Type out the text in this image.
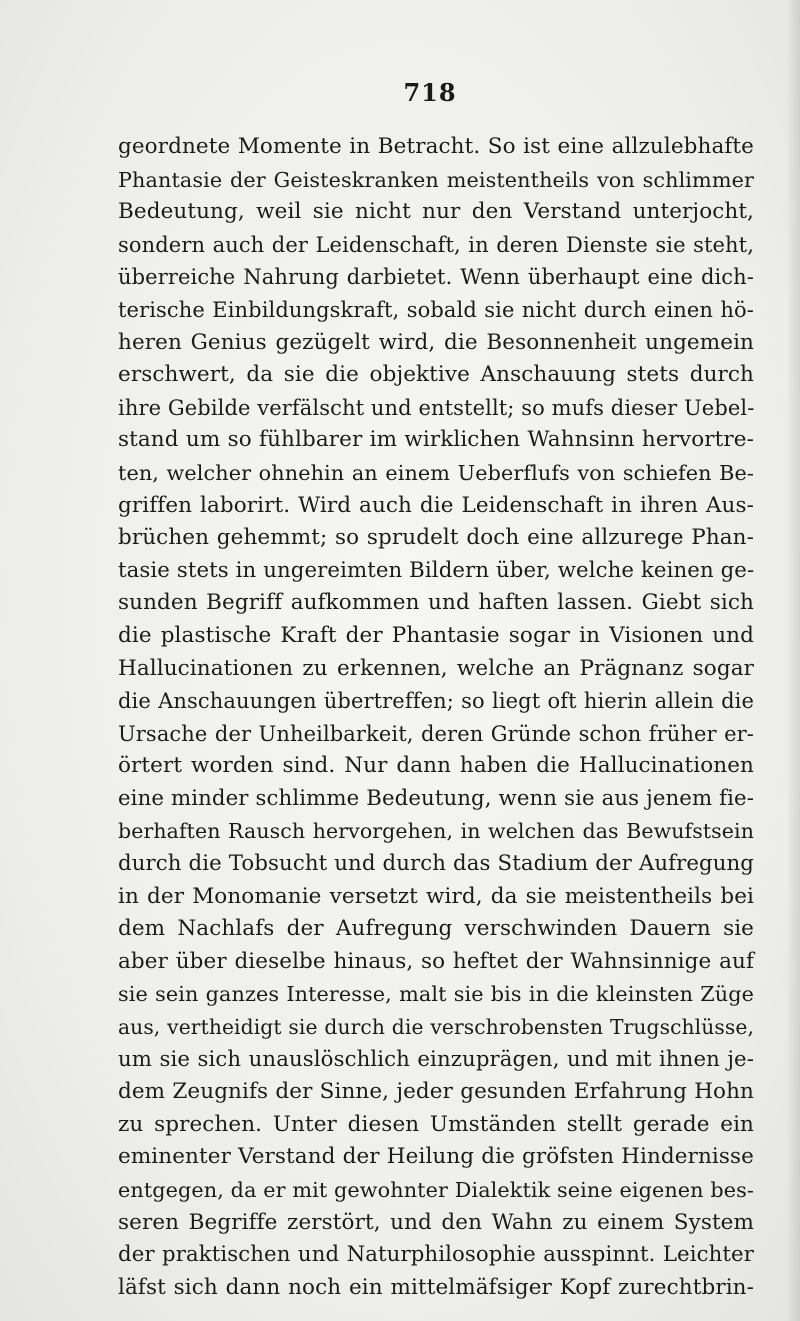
718
geordnete Momente in Betracht. So ist eine allzulebhafte
Phantasie der Geisteskranken meistentheils von schlimmer
Bedeutung, weil sie nicht nur den Verstand unterjocht,
sondern auch der Leidenschaft, in deren Dienste sie steht,
überreiche Nahrung darbietet. Wenn überhaupt eine dich-
terische Einbildungskraft, sobald sie nicht durch einen hö-
heren Genius gezügelt wird, die Besonnenheit ungemein
erschwert, da sie die objektive Anschauung stets durch
ihre Gebilde verfälscht und entstellt; so mufs dieser Uebel-
stand um so fühlbarer im wirklichen Wahnsinn hervortre-
ten, welcher ohnehin an einem Ueberflufs von schiefen Be-
griffen laborirt. Wird auch die Leidenschaft in ihren Aus-
brüchen gehemmt; so sprudelt doch eine allzurege Phan-
tasie stets in ungereimten Bildern über, welche keinen ge-
sunden Begriff aufkommen und haften lassen. Giebt sich
die plastische Kraft der Phantasie sogar in Visionen und
Hallucinationen zu erkennen, welche an Prägnanz sogar
die Anschauungen übertreffen; so liegt oft hierin allein die
Ursache der Unheilbarkeit, deren Gründe schon früher er-
örtert worden sind. Nur dann haben die Hallucinationen
eine minder schlimme Bedeutung, wenn sie aus jenem fie-
berhaften Rausch hervorgehen, in welchen das Bewufstsein
durch die Tobsucht und durch das Stadium der Aufregung
in der Monomanie versetzt wird, da sie meistentheils bei
dem Nachlafs der Aufregung verschwinden Dauern sie
aber über dieselbe hinaus, so heftet der Wahnsinnige auf
sie sein ganzes Interesse, malt sie bis in die kleinsten Züge
aus, vertheidigt sie durch die verschrobensten Trugschlüsse,
um sie sich unauslöschlich einzuprägen, und mit ihnen je-
dem Zeugnifs der Sinne, jeder gesunden Erfahrung Hohn
zu sprechen. Unter diesen Umständen stellt gerade ein
eminenter Verstand der Heilung die gröfsten Hindernisse
entgegen, da er mit gewohnter Dialektik seine eigenen bes-
seren Begriffe zerstört, und den Wahn zu einem System
der praktischen und Naturphilosophie ausspinnt. Leichter
läfst sich dann noch ein mittelmäfsiger Kopf zurechtbrin-
